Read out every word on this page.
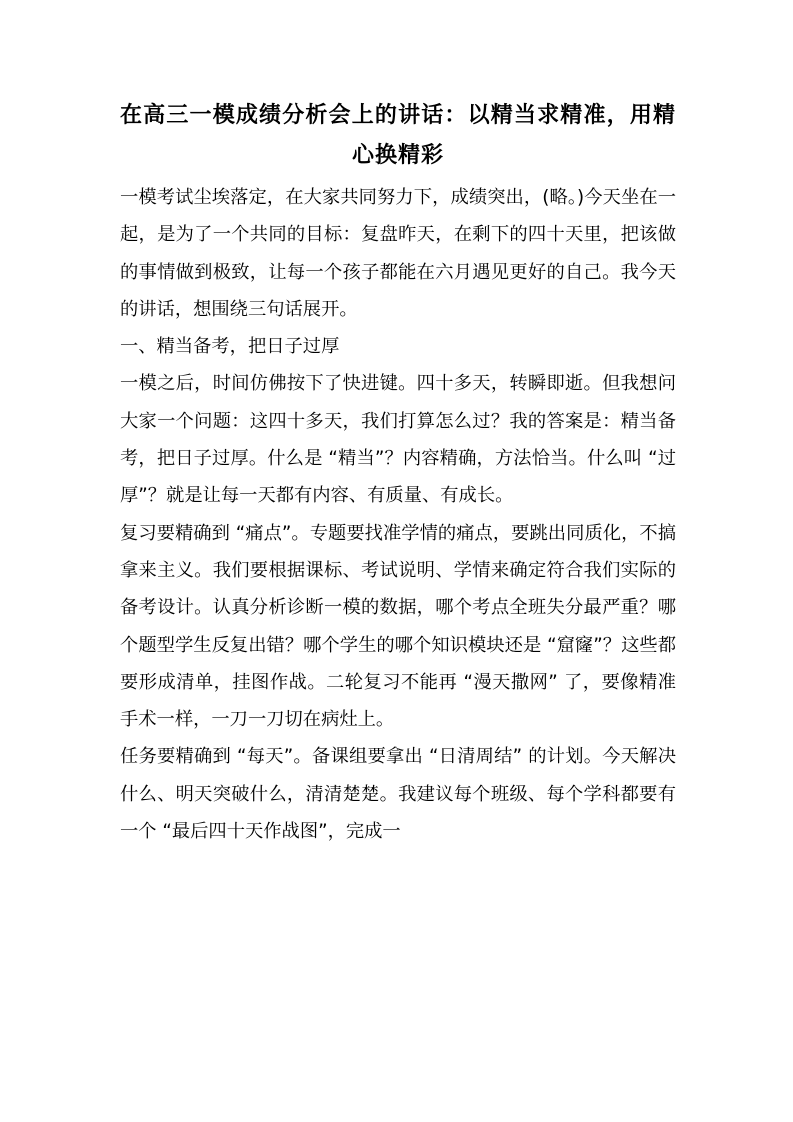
在高三一模成绩分析会上的讲话：以精当求精准，用精心换精彩

一模考试尘埃落定，在大家共同努力下，成绩突出，(略。)今天坐在一起，是为了一个共同的目标：复盘昨天，在剩下的四十天里，把该做的事情做到极致，让每一个孩子都能在六月遇见更好的自己。我今天的讲话，想围绕三句话展开。

一、精当备考，把日子过厚

一模之后，时间仿佛按下了快进键。四十多天，转瞬即逝。但我想问大家一个问题：这四十多天，我们打算怎么过？我的答案是：精当备考，把日子过厚。什么是 “精当”？内容精确，方法恰当。什么叫 “过厚”？就是让每一天都有内容、有质量、有成长。

复习要精确到 “痛点”。专题要找准学情的痛点，要跳出同质化，不搞拿来主义。我们要根据课标、考试说明、学情来确定符合我们实际的备考设计。认真分析诊断一模的数据，哪个考点全班失分最严重？哪个题型学生反复出错？哪个学生的哪个知识模块还是 “窟窿”？这些都要形成清单，挂图作战。二轮复习不能再 “漫天撒网” 了，要像精准手术一样，一刀一刀切在病灶上。

任务要精确到 “每天”。备课组要拿出 “日清周结” 的计划。今天解决什么、明天突破什么，清清楚楚。我建议每个班级、每个学科都要有一个 “最后四十天作战图”，完成一
